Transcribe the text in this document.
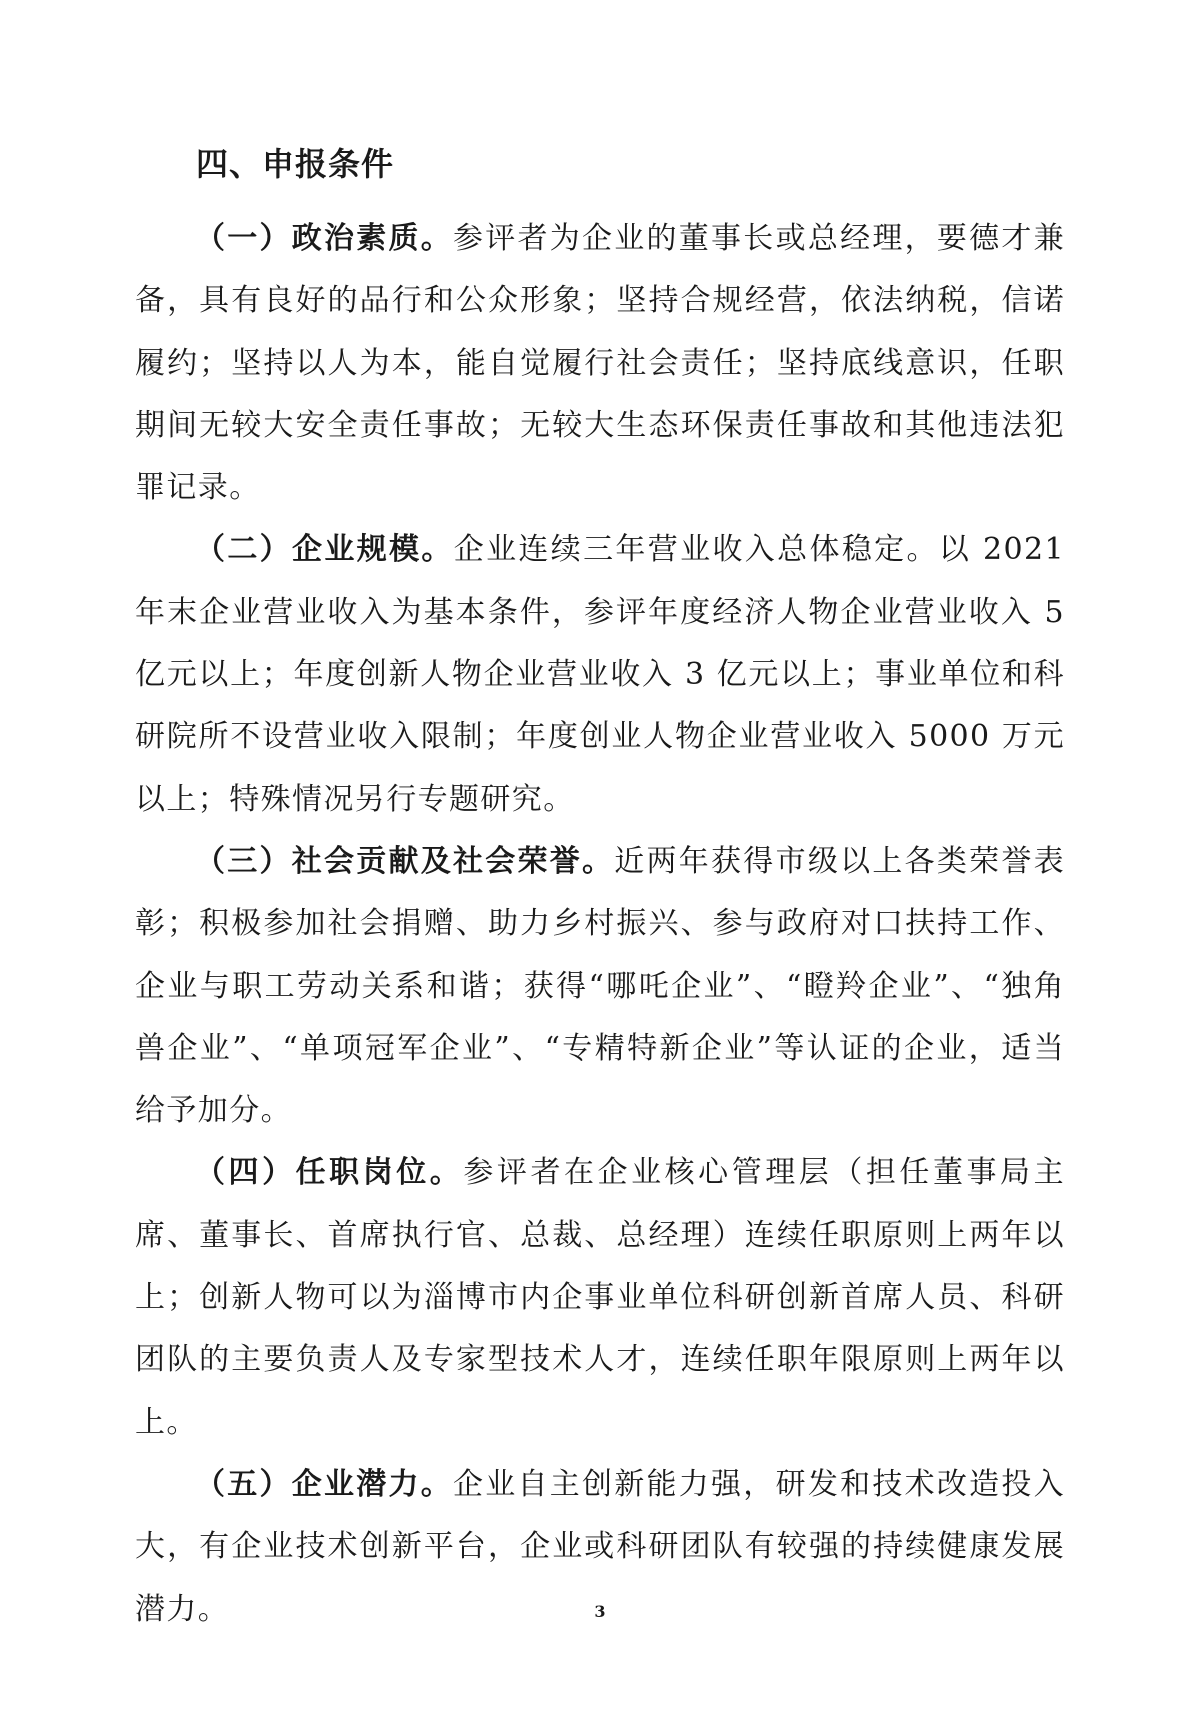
四、申报条件

（一）政治素质。参评者为企业的董事长或总经理，要德才兼备，具有良好的品行和公众形象；坚持合规经营，依法纳税，信诺履约；坚持以人为本，能自觉履行社会责任；坚持底线意识，任职期间无较大安全责任事故；无较大生态环保责任事故和其他违法犯罪记录。

（二）企业规模。企业连续三年营业收入总体稳定。以 2021 年末企业营业收入为基本条件，参评年度经济人物企业营业收入 5 亿元以上；年度创新人物企业营业收入 3 亿元以上；事业单位和科研院所不设营业收入限制；年度创业人物企业营业收入 5000 万元以上；特殊情况另行专题研究。

（三）社会贡献及社会荣誉。近两年获得市级以上各类荣誉表彰；积极参加社会捐赠、助力乡村振兴、参与政府对口扶持工作、企业与职工劳动关系和谐；获得“哪吒企业”、“瞪羚企业”、“独角兽企业”、“单项冠军企业”、“专精特新企业”等认证的企业，适当给予加分。

（四）任职岗位。参评者在企业核心管理层（担任董事局主席、董事长、首席执行官、总裁、总经理）连续任职原则上两年以上；创新人物可以为淄博市内企事业单位科研创新首席人员、科研团队的主要负责人及专家型技术人才，连续任职年限原则上两年以上。

（五）企业潜力。企业自主创新能力强，研发和技术改造投入大，有企业技术创新平台，企业或科研团队有较强的持续健康发展潜力。	3
